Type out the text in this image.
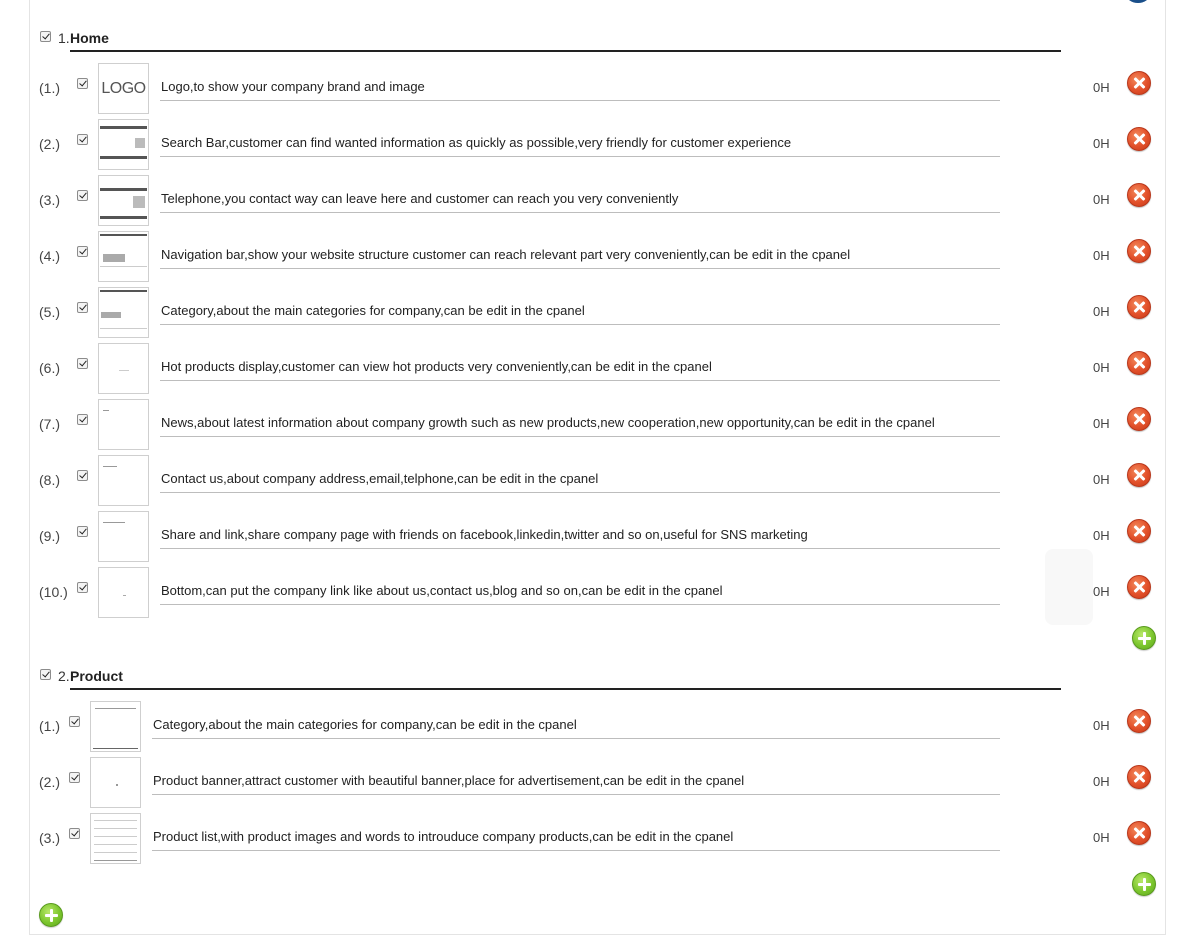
1. Home
(1.)	LOGO Logo,to show your company brand and image	0H
(2.)	Search Bar,customer can find wanted information as quickly as possible,very friendly for customer experience	0H
(3.)	Telephone,you contact way can leave here and customer can reach you very conveniently	0H
(4.)	Navigation bar,show your website structure customer can reach relevant part very conveniently,can be edit in the cpanel	0H
(5.)	Category,about the main categories for company,can be edit in the cpanel	0H
(6.)	Hot products display,customer can view hot products very conveniently,can be edit in the cpanel	0H
(7.)	News,about latest information about company growth such as new products,new cooperation,new opportunity,can be edit in the cpanel	0H
(8.)	Contact us,about company address,email,telphone,can be edit in the cpanel	0H
(9.)	Share and link,share company page with friends on facebook,linkedin,twitter and so on,useful for SNS marketing	0H
(10.)	Bottom,can put the company link like about us,contact us,blog and so on,can be edit in the cpanel	0H
2. Product
(1.)	Category,about the main categories for company,can be edit in the cpanel	0H
(2.)	Product banner,attract customer with beautiful banner,place for advertisement,can be edit in the cpanel	0H
(3.)	Product list,with product images and words to introuduce company products,can be edit in the cpanel	0H
